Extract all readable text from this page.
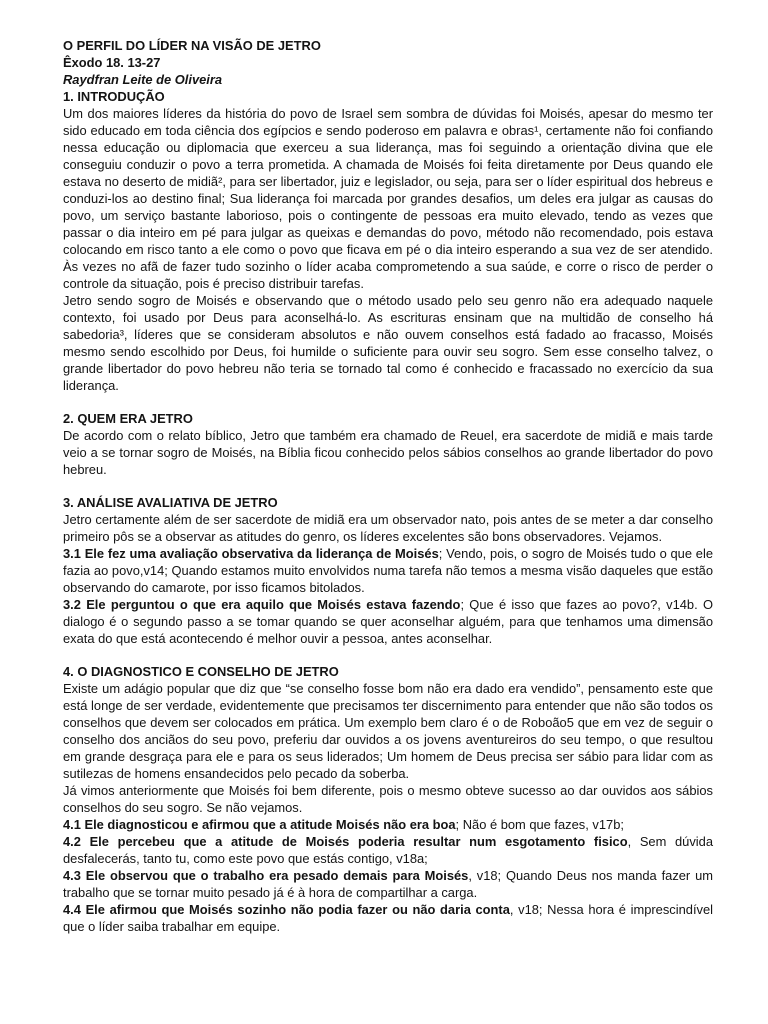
O PERFIL DO LÍDER NA VISÃO DE JETRO

Êxodo 18. 13-27

Raydfran Leite de Oliveira

1. INTRODUÇÃO

Um dos maiores líderes da história do povo de Israel sem sombra de dúvidas foi Moisés, apesar do mesmo ter sido educado em toda ciência dos egípcios e sendo poderoso em palavra e obras¹, certamente não foi confiando nessa educação ou diplomacia que exerceu a sua liderança, mas foi seguindo a orientação divina que ele conseguiu conduzir o povo a terra prometida. A chamada de Moisés foi feita diretamente por Deus quando ele estava no deserto de midiã², para ser libertador, juiz e legislador, ou seja, para ser o líder espiritual dos hebreus e conduzi-los ao destino final; Sua liderança foi marcada por grandes desafios, um deles era julgar as causas do povo, um serviço bastante laborioso, pois o contingente de pessoas era muito elevado, tendo as vezes que passar o dia inteiro em pé para julgar as queixas e demandas do povo, método não recomendado, pois estava colocando em risco tanto a ele como o povo que ficava em pé o dia inteiro esperando a sua vez de ser atendido. Às vezes no afã de fazer tudo sozinho o líder acaba comprometendo a sua saúde, e corre o risco de perder o controle da situação, pois é preciso distribuir tarefas.

Jetro sendo sogro de Moisés e observando que o método usado pelo seu genro não era adequado naquele contexto, foi usado por Deus para aconselhá-lo. As escrituras ensinam que na multidão de conselho há sabedoria³, líderes que se consideram absolutos e não ouvem conselhos está fadado ao fracasso, Moisés mesmo sendo escolhido por Deus, foi humilde o suficiente para ouvir seu sogro. Sem esse conselho talvez, o grande libertador do povo hebreu não teria se tornado tal como é conhecido e fracassado no exercício da sua liderança.

2. QUEM ERA JETRO

De acordo com o relato bíblico, Jetro que também era chamado de Reuel, era sacerdote de midiã e mais tarde veio a se tornar sogro de Moisés, na Bíblia ficou conhecido pelos sábios conselhos ao grande libertador do povo hebreu.

3. ANÁLISE AVALIATIVA DE JETRO

Jetro certamente além de ser sacerdote de midiã era um observador nato, pois antes de se meter a dar conselho primeiro pôs se a observar as atitudes do genro, os líderes excelentes são bons observadores. Vejamos.

3.1 Ele fez uma avaliação observativa da liderança de Moisés; Vendo, pois, o sogro de Moisés tudo o que ele fazia ao povo,v14; Quando estamos muito envolvidos numa tarefa não temos a mesma visão daqueles que estão observando do camarote, por isso ficamos bitolados.

3.2 Ele perguntou o que era aquilo que Moisés estava fazendo; Que é isso que fazes ao povo?, v14b. O dialogo é o segundo passo a se tomar quando se quer aconselhar alguém, para que tenhamos uma dimensão exata do que está acontecendo é melhor ouvir a pessoa, antes aconselhar.

4. O DIAGNOSTICO E CONSELHO DE JETRO

Existe um adágio popular que diz que “se conselho fosse bom não era dado era vendido”, pensamento este que está longe de ser verdade, evidentemente que precisamos ter discernimento para entender que não são todos os conselhos que devem ser colocados em prática. Um exemplo bem claro é o de Roboão5 que em vez de seguir o conselho dos anciãos do seu povo, preferiu dar ouvidos a os jovens aventureiros do seu tempo, o que resultou em grande desgraça para ele e para os seus liderados; Um homem de Deus precisa ser sábio para lidar com as sutilezas de homens ensandecidos pelo pecado da soberba.

Já vimos anteriormente que Moisés foi bem diferente, pois o mesmo obteve sucesso ao dar ouvidos aos sábios conselhos do seu sogro. Se não vejamos.

4.1 Ele diagnosticou e afirmou que a atitude Moisés não era boa; Não é bom que fazes, v17b;

4.2 Ele percebeu que a atitude de Moisés poderia resultar num esgotamento fisico, Sem dúvida desfalecerás, tanto tu, como este povo que estás contigo, v18a;

4.3 Ele observou que o trabalho era pesado demais para Moisés, v18; Quando Deus nos manda fazer um trabalho que se tornar muito pesado já é à hora de compartilhar a carga.

4.4 Ele afirmou que Moisés sozinho não podia fazer ou não daria conta, v18; Nessa hora é imprescindível que o líder saiba trabalhar em equipe.
